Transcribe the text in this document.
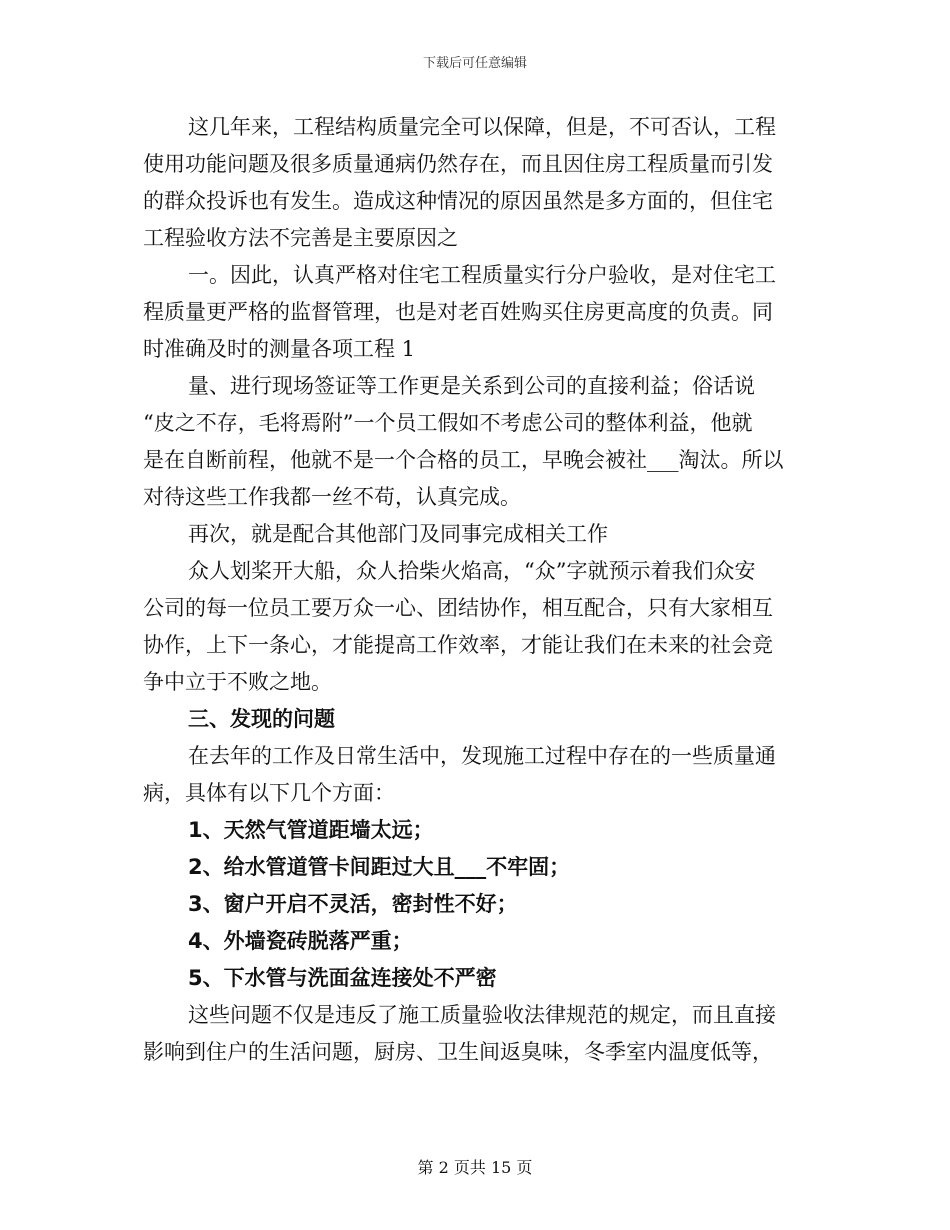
下载后可任意编辑
这几年来，工程结构质量完全可以保障，但是，不可否认，工程
使用功能问题及很多质量通病仍然存在，而且因住房工程质量而引发
的群众投诉也有发生。造成这种情况的原因虽然是多方面的，但住宅
工程验收方法不完善是主要原因之
一。因此，认真严格对住宅工程质量实行分户验收，是对住宅工
程质量更严格的监督管理，也是对老百姓购买住房更高度的负责。同
时准确及时的测量各项工程 1
量、进行现场签证等工作更是关系到公司的直接利益；俗话说
“皮之不存，毛将焉附”一个员工假如不考虑公司的整体利益，他就
是在自断前程，他就不是一个合格的员工，早晚会被社___淘汰。所以
对待这些工作我都一丝不苟，认真完成。
再次，就是配合其他部门及同事完成相关工作
众人划桨开大船，众人拾柴火焰高，“众”字就预示着我们众安
公司的每一位员工要万众一心、团结协作，相互配合，只有大家相互
协作，上下一条心，才能提高工作效率，才能让我们在未来的社会竞
争中立于不败之地。
三、发现的问题
在去年的工作及日常生活中，发现施工过程中存在的一些质量通
病，具体有以下几个方面：
1、天然气管道距墙太远；
2、给水管道管卡间距过大且___不牢固；
3、窗户开启不灵活，密封性不好；
4、外墙瓷砖脱落严重；
5、下水管与洗面盆连接处不严密
这些问题不仅是违反了施工质量验收法律规范的规定，而且直接
影响到住户的生活问题，厨房、卫生间返臭味，冬季室内温度低等，
第 2 页共 15 页
